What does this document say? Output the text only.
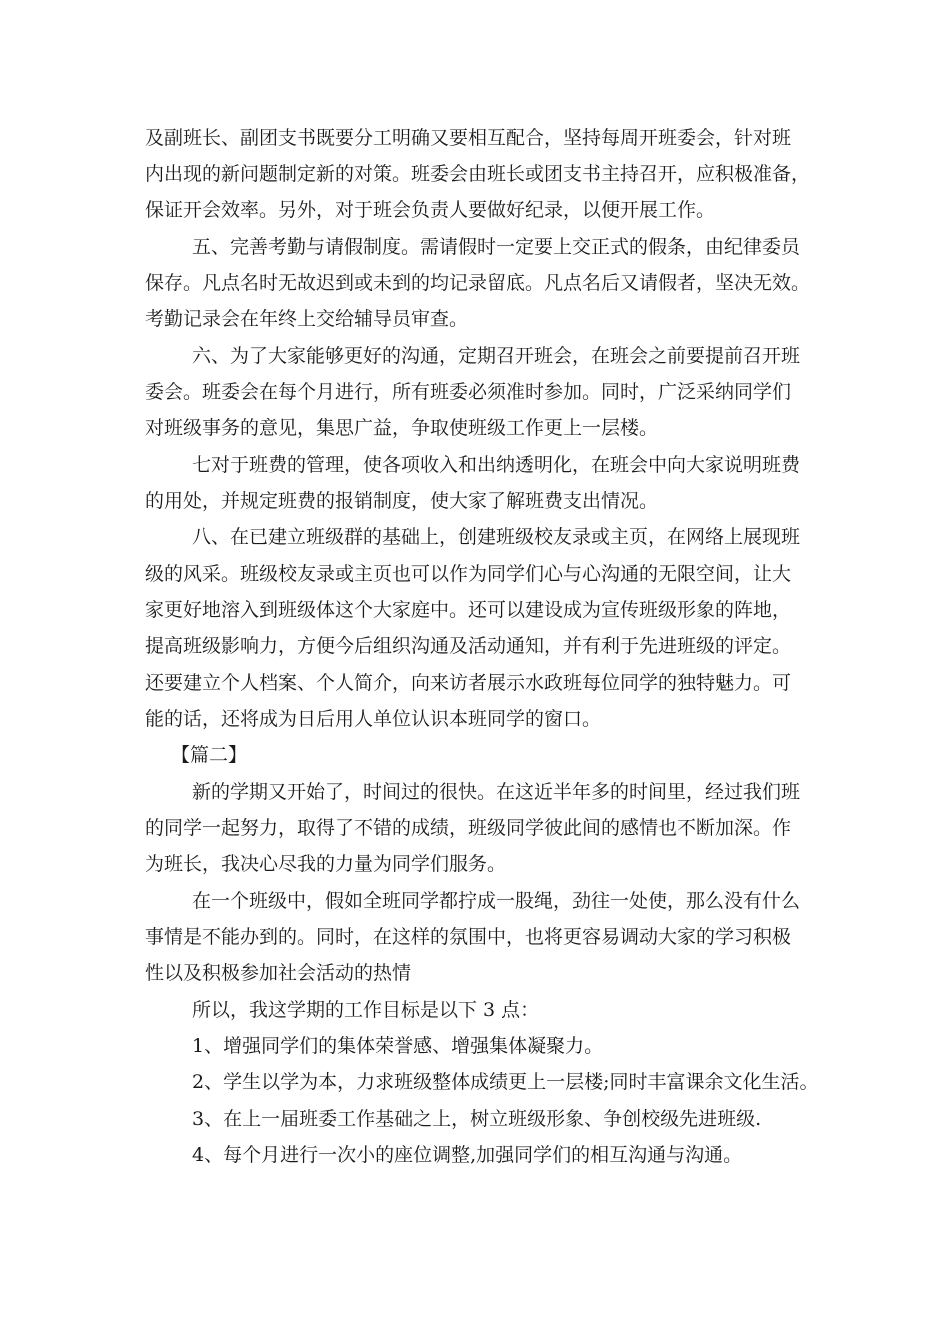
及副班长、副团支书既要分工明确又要相互配合，坚持每周开班委会，针对班
内出现的新问题制定新的对策。班委会由班长或团支书主持召开，应积极准备，
保证开会效率。另外，对于班会负责人要做好纪录，以便开展工作。
五、完善考勤与请假制度。需请假时一定要上交正式的假条，由纪律委员
保存。凡点名时无故迟到或未到的均记录留底。凡点名后又请假者，坚决无效。
考勤记录会在年终上交给辅导员审查。
六、为了大家能够更好的沟通，定期召开班会，在班会之前要提前召开班
委会。班委会在每个月进行，所有班委必须准时参加。同时，广泛采纳同学们
对班级事务的意见，集思广益，争取使班级工作更上一层楼。
七对于班费的管理，使各项收入和出纳透明化，在班会中向大家说明班费
的用处，并规定班费的报销制度，使大家了解班费支出情况。
八、在已建立班级群的基础上，创建班级校友录或主页，在网络上展现班
级的风采。班级校友录或主页也可以作为同学们心与心沟通的无限空间，让大
家更好地溶入到班级体这个大家庭中。还可以建设成为宣传班级形象的阵地，
提高班级影响力，方便今后组织沟通及活动通知，并有利于先进班级的评定。
还要建立个人档案、个人简介，向来访者展示水政班每位同学的独特魅力。可
能的话，还将成为日后用人单位认识本班同学的窗口。
【篇二】
新的学期又开始了，时间过的很快。在这近半年多的时间里，经过我们班
的同学一起努力，取得了不错的成绩，班级同学彼此间的感情也不断加深。作
为班长，我决心尽我的力量为同学们服务。
在一个班级中，假如全班同学都拧成一股绳，劲往一处使，那么没有什么
事情是不能办到的。同时，在这样的氛围中，也将更容易调动大家的学习积极
性以及积极参加社会活动的热情
所以，我这学期的工作目标是以下 3 点：
1、增强同学们的集体荣誉感、增强集体凝聚力。
2、学生以学为本，力求班级整体成绩更上一层楼;同时丰富课余文化生活。
3、在上一届班委工作基础之上，树立班级形象、争创校级先进班级.
4、每个月进行一次小的座位调整,加强同学们的相互沟通与沟通。
